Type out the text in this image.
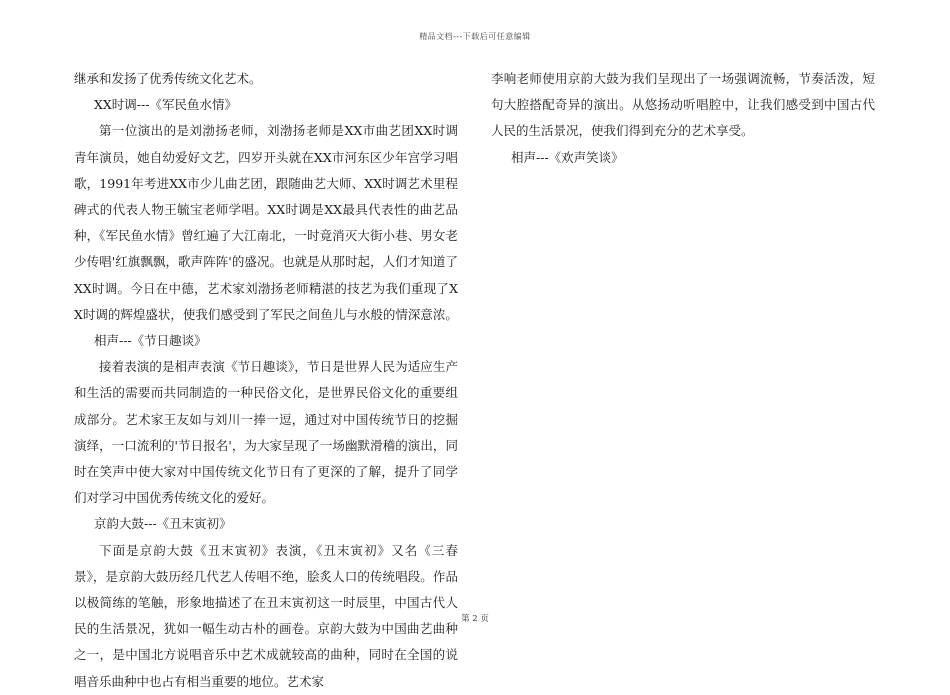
精品文档---下载后可任意编辑

继承和发扬了优秀传统文化艺术。

XX时调---《军民鱼水情》

第一位演出的是刘渤扬老师，刘渤扬老师是XX市曲艺团XX时调青年演员，她自幼爱好文艺，四岁开头就在XX市河东区少年宫学习唱歌，1991年考进XX市少儿曲艺团，跟随曲艺大师、XX时调艺术里程碑式的代表人物王毓宝老师学唱。XX时调是XX最具代表性的曲艺品种，《军民鱼水情》曾红遍了大江南北，一时竟消灭大街小巷、男女老少传唱'红旗飘飘，歌声阵阵'的盛况。也就是从那时起，人们才知道了XX时调。今日在中德，艺术家刘渤扬老师精湛的技艺为我们重现了XX时调的辉煌盛状，使我们感受到了军民之间鱼儿与水般的情深意浓。

相声---《节日趣谈》

接着表演的是相声表演《节日趣谈》，节日是世界人民为适应生产和生活的需要而共同制造的一种民俗文化，是世界民俗文化的重要组成部分。艺术家王友如与刘川一捧一逗，通过对中国传统节日的挖掘演绎，一口流利的'节日报名'，为大家呈现了一场幽默滑稽的演出，同时在笑声中使大家对中国传统文化节日有了更深的了解，提升了同学们对学习中国优秀传统文化的爱好。

京韵大鼓---《丑末寅初》

下面是京韵大鼓《丑末寅初》表演，《丑末寅初》又名《三春景》，是京韵大鼓历经几代艺人传唱不绝，脍炙人口的传统唱段。作品以极简练的笔触，形象地描述了在丑末寅初这一时辰里，中国古代人民的生活景况，犹如一幅生动古朴的画卷。京韵大鼓为中国曲艺曲种之一，是中国北方说唱音乐中艺术成就较高的曲种，同时在全国的说唱音乐曲种中也占有相当重要的地位。艺术家

李响老师使用京韵大鼓为我们呈现出了一场强调流畅，节奏活泼，短句大腔搭配奇异的演出。从悠扬动听唱腔中，让我们感受到中国古代人民的生活景况，使我们得到充分的艺术享受。

相声---《欢声笑谈》

第 2 页
